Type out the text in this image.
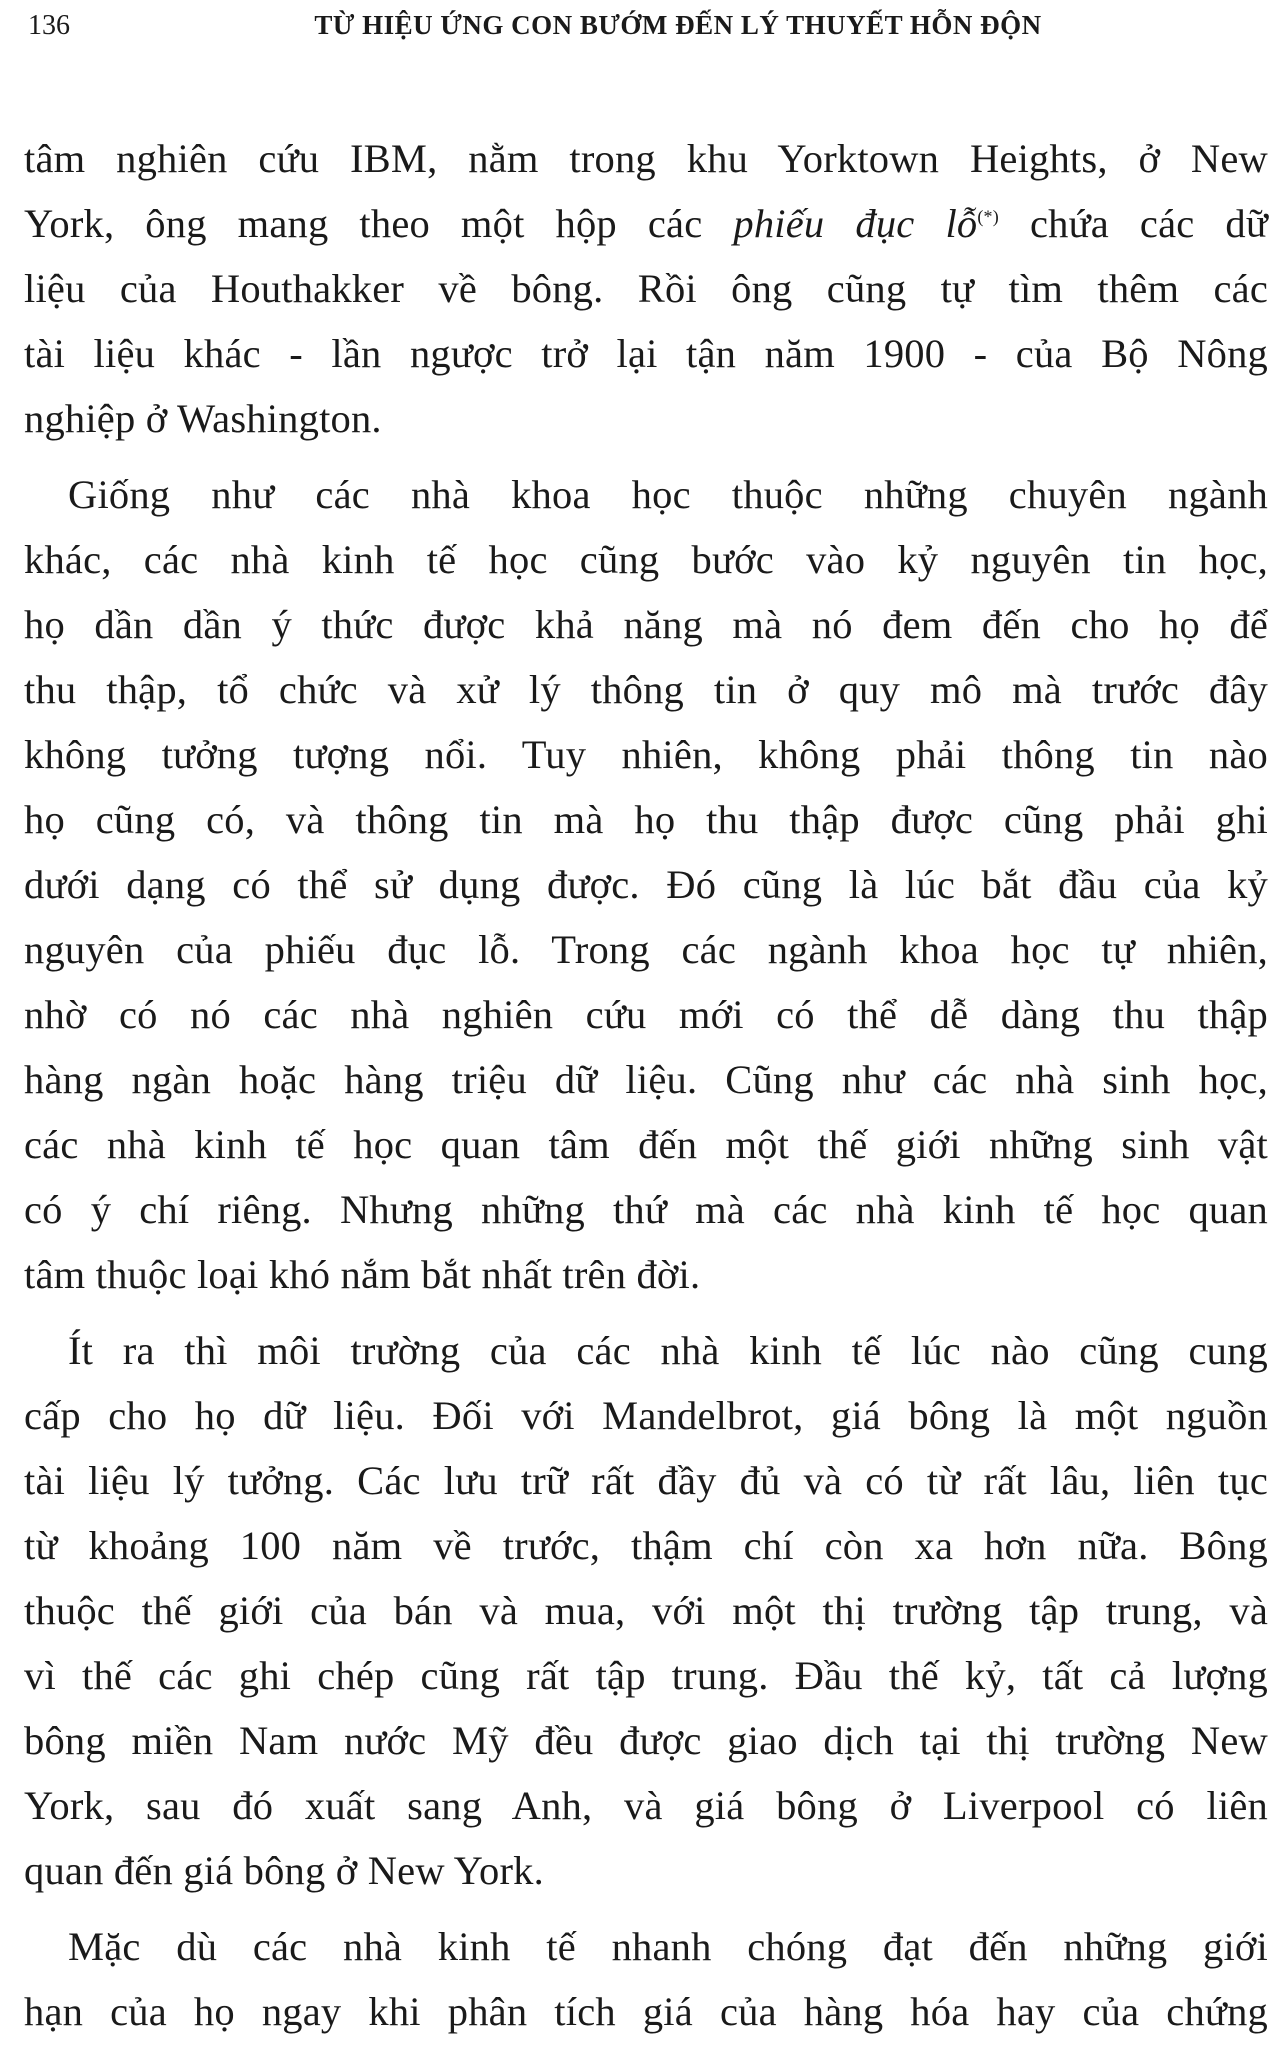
136	TỪ HIỆU ỨNG CON BƯỚM ĐẾN LÝ THUYẾT HỖN ĐỘN
tâm nghiên cứu IBM, nằm trong khu Yorktown Heights, ở New
York, ông mang theo một hộp các phiếu đục lỗ(*) chứa các dữ
liệu của Houthakker về bông. Rồi ông cũng tự tìm thêm các
tài liệu khác - lần ngược trở lại tận năm 1900 - của Bộ Nông
nghiệp ở Washington.
Giống như các nhà khoa học thuộc những chuyên ngành
khác, các nhà kinh tế học cũng bước vào kỷ nguyên tin học,
họ dần dần ý thức được khả năng mà nó đem đến cho họ để
thu thập, tổ chức và xử lý thông tin ở quy mô mà trước đây
không tưởng tượng nổi. Tuy nhiên, không phải thông tin nào
họ cũng có, và thông tin mà họ thu thập được cũng phải ghi
dưới dạng có thể sử dụng được. Đó cũng là lúc bắt đầu của kỷ
nguyên của phiếu đục lỗ. Trong các ngành khoa học tự nhiên,
nhờ có nó các nhà nghiên cứu mới có thể dễ dàng thu thập
hàng ngàn hoặc hàng triệu dữ liệu. Cũng như các nhà sinh học,
các nhà kinh tế học quan tâm đến một thế giới những sinh vật
có ý chí riêng. Nhưng những thứ mà các nhà kinh tế học quan
tâm thuộc loại khó nắm bắt nhất trên đời.
Ít ra thì môi trường của các nhà kinh tế lúc nào cũng cung
cấp cho họ dữ liệu. Đối với Mandelbrot, giá bông là một nguồn
tài liệu lý tưởng. Các lưu trữ rất đầy đủ và có từ rất lâu, liên tục
từ khoảng 100 năm về trước, thậm chí còn xa hơn nữa. Bông
thuộc thế giới của bán và mua, với một thị trường tập trung, và
vì thế các ghi chép cũng rất tập trung. Đầu thế kỷ, tất cả lượng
bông miền Nam nước Mỹ đều được giao dịch tại thị trường New
York, sau đó xuất sang Anh, và giá bông ở Liverpool có liên
quan đến giá bông ở New York.
Mặc dù các nhà kinh tế nhanh chóng đạt đến những giới
hạn của họ ngay khi phân tích giá của hàng hóa hay của chứng
